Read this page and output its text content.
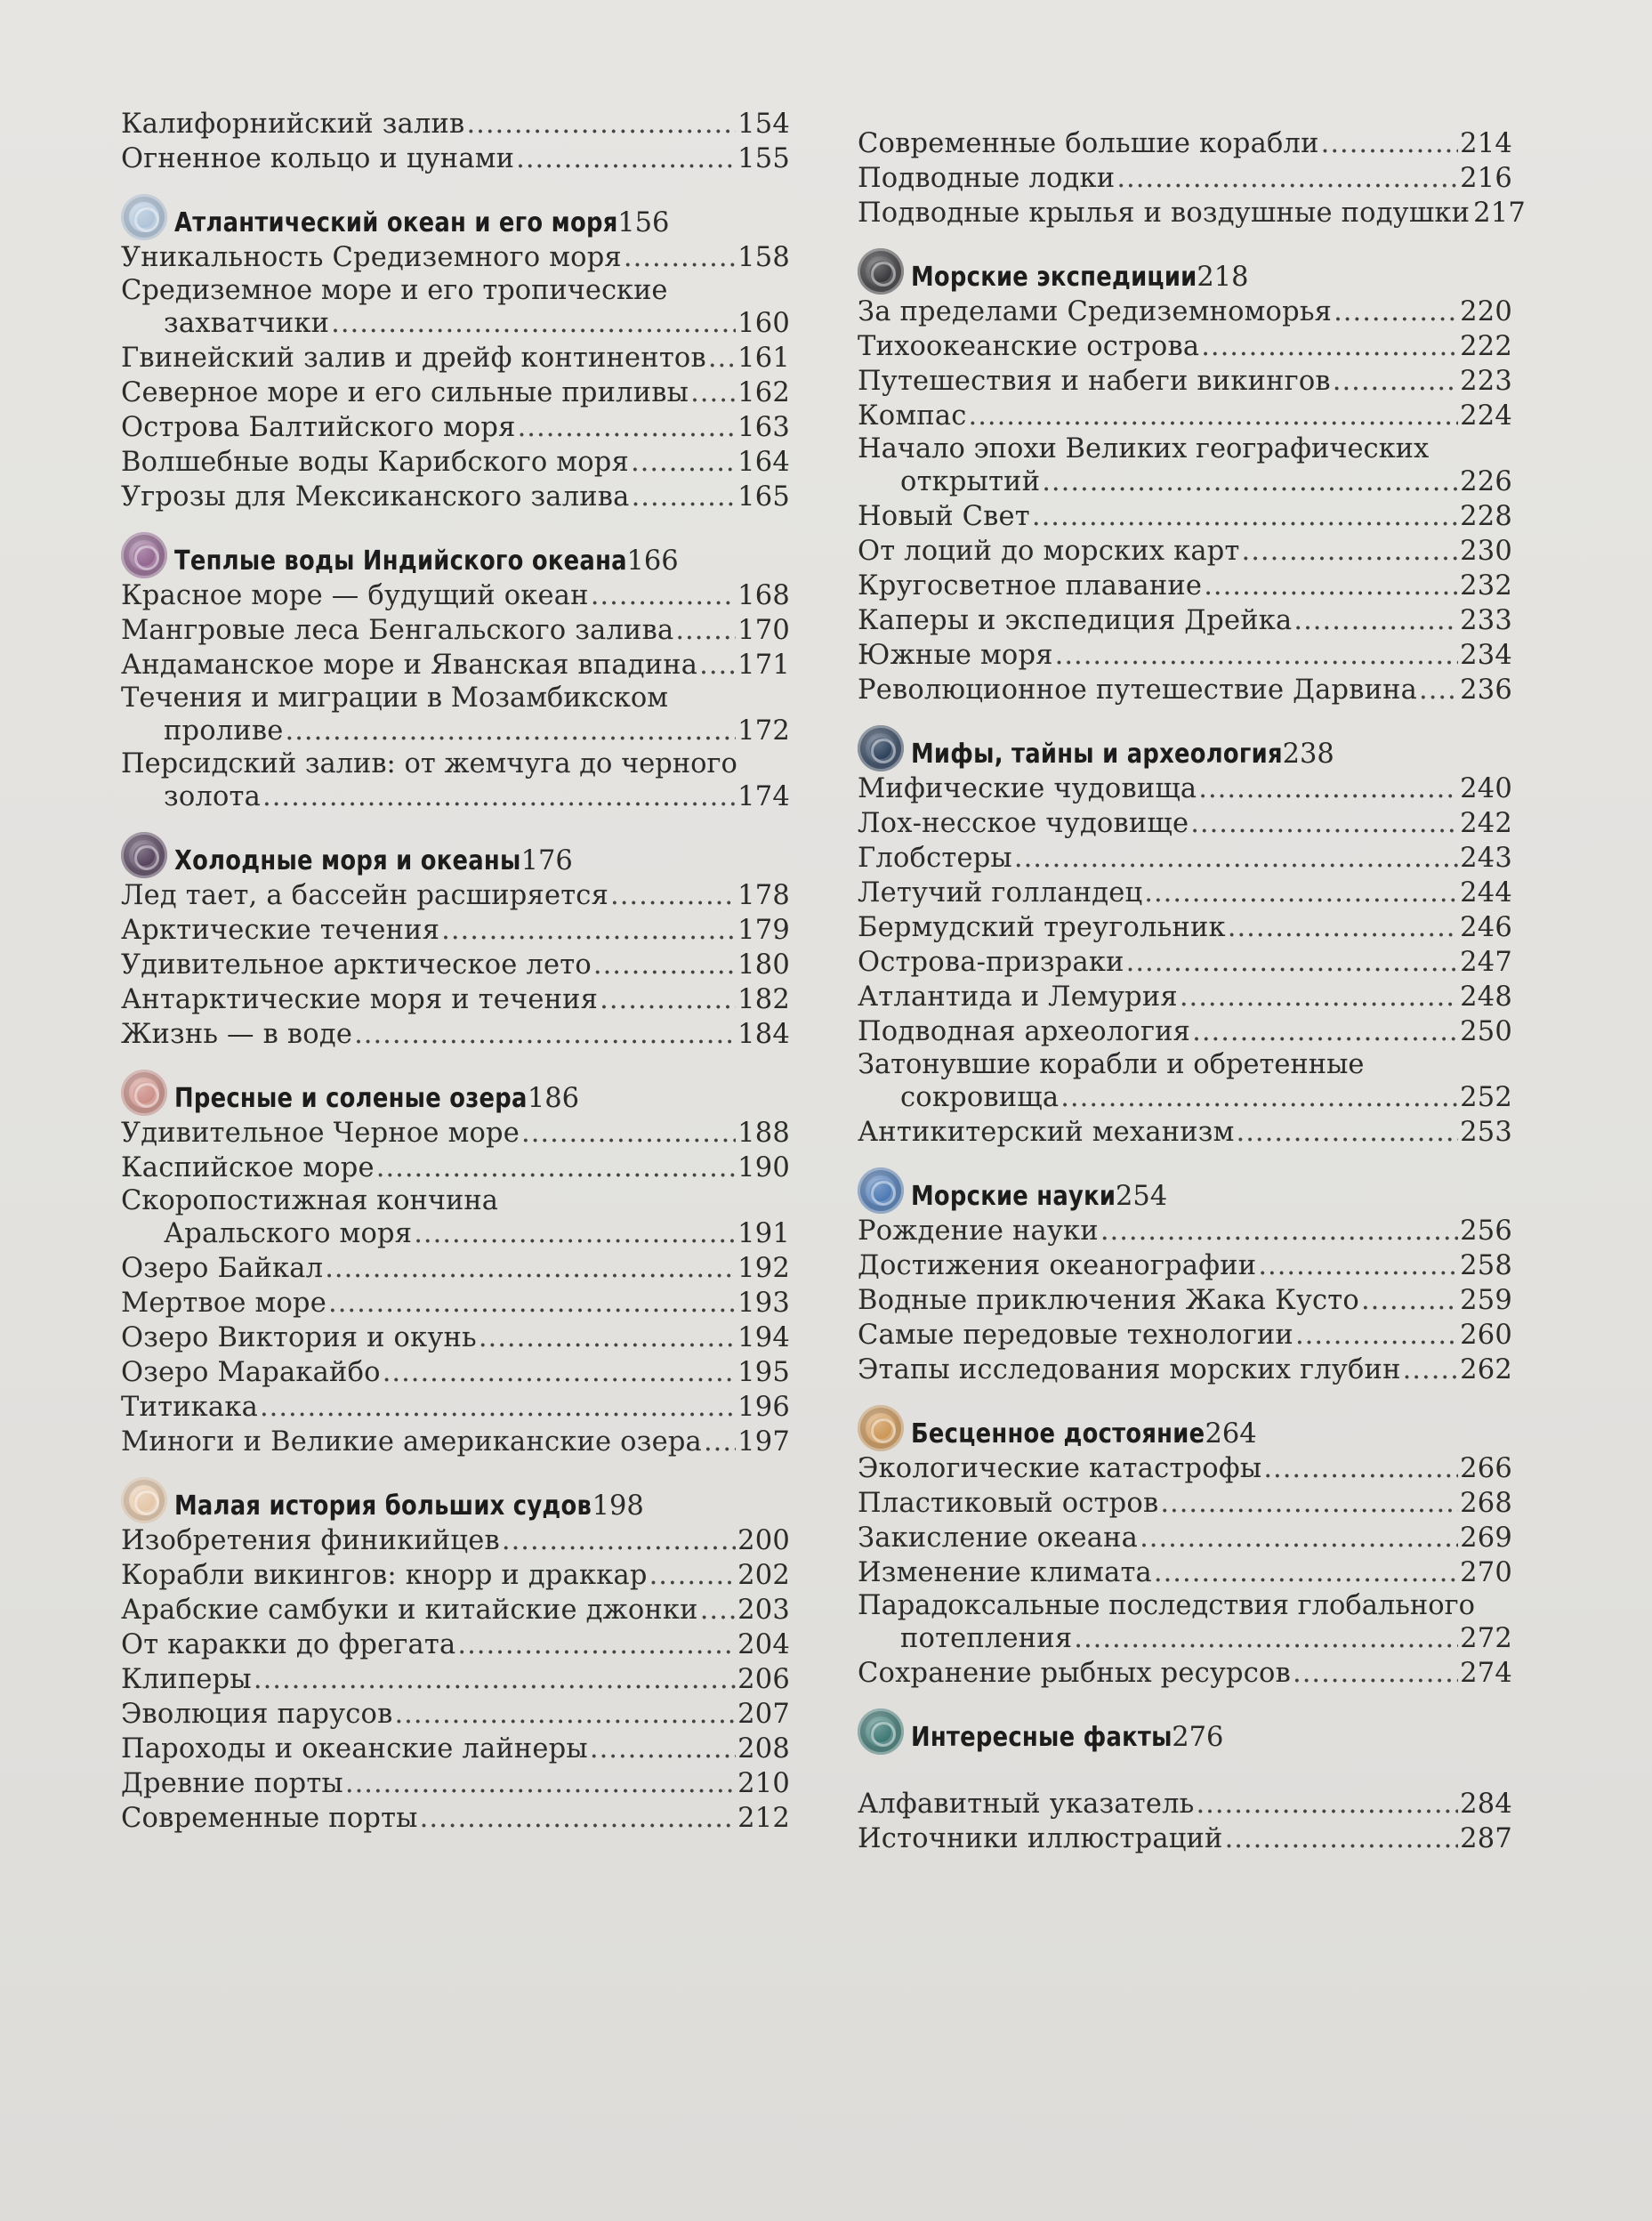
Калифорнийский залив .....	154
Огненное кольцо и цунами .....	155
Атлантический океан и его моря 156
Уникальность Средиземного моря .....	158
Средиземное море и его тропические
захватчики .....	160
Гвинейский залив и дрейф континентов ..... 161
Северное море и его сильные приливы ..... 162
Острова Балтийского моря .....	163
Волшебные воды Карибского моря .....	164
Угрозы для Мексиканского залива .....	165
Теплые воды Индийского океана 166
Красное море — будущий океан .....	168
Мангровые леса Бенгальского залива ..... 170
Андаманское море и Яванская впадина ..... 171
Течения и миграции в Мозамбикском
проливе .....	172
Персидский залив: от жемчуга до черного
золота .....	174
Холодные моря и океаны 176
Лед тает, а бассейн расширяется .....	178
Арктические течения .....	179
Удивительное арктическое лето .....	180
Антарктические моря и течения .....	182
Жизнь — в воде .....	184
Пресные и соленые озера 186
Удивительное Черное море .....	188
Каспийское море .....	190
Скоропостижная кончина
Аральского моря .....	191
Озеро Байкал .....	192
Мертвое море .....	193
Озеро Виктория и окунь .....	194
Озеро Маракайбо .....	195
Титикака .....	196
Миноги и Великие американские озера ..... 197
Малая история больших судов 198
Изобретения финикийцев .....	200
Корабли викингов: кнорр и драккар .....	202
Арабские самбуки и китайские джонки ..... 203
От каракки до фрегата .....	204
Клиперы .....	206
Эволюция парусов .....	207
Пароходы и океанские лайнеры .....	208
Древние порты .....	210
Современные порты .....	212
Современные большие корабли .....	214
Подводные лодки .....	216
Подводные крылья и воздушные подушки 217
Морские экспедиции 218
За пределами Средиземноморья .....	220
Тихоокеанские острова .....	222
Путешествия и набеги викингов .....	223
Компас .....	224
Начало эпохи Великих географических
открытий .....	226
Новый Свет .....	228
От лоций до морских карт .....	230
Кругосветное плавание .....	232
Каперы и экспедиция Дрейка .....	233
Южные моря .....	234
Революционное путешествие Дарвина ..... 236
Мифы, тайны и археология 238
Мифические чудовища .....	240
Лох-несское чудовище .....	242
Глобстеры .....	243
Летучий голландец .....	244
Бермудский треугольник .....	246
Острова-призраки .....	247
Атлантида и Лемурия .....	248
Подводная археология .....	250
Затонувшие корабли и обретенные
сокровища .....	252
Антикитерский механизм .....	253
Морские науки 254
Рождение науки .....	256
Достижения океанографии .....	258
Водные приключения Жака Кусто .....	259
Самые передовые технологии .....	260
Этапы исследования морских глубин ..... 262
Бесценное достояние 264
Экологические катастрофы .....	266
Пластиковый остров .....	268
Закисление океана .....	269
Изменение климата .....	270
Парадоксальные последствия глобального
потепления .....	272
Сохранение рыбных ресурсов .....	274
Интересные факты 276
Алфавитный указатель .....	284
Источники иллюстраций .....	287
